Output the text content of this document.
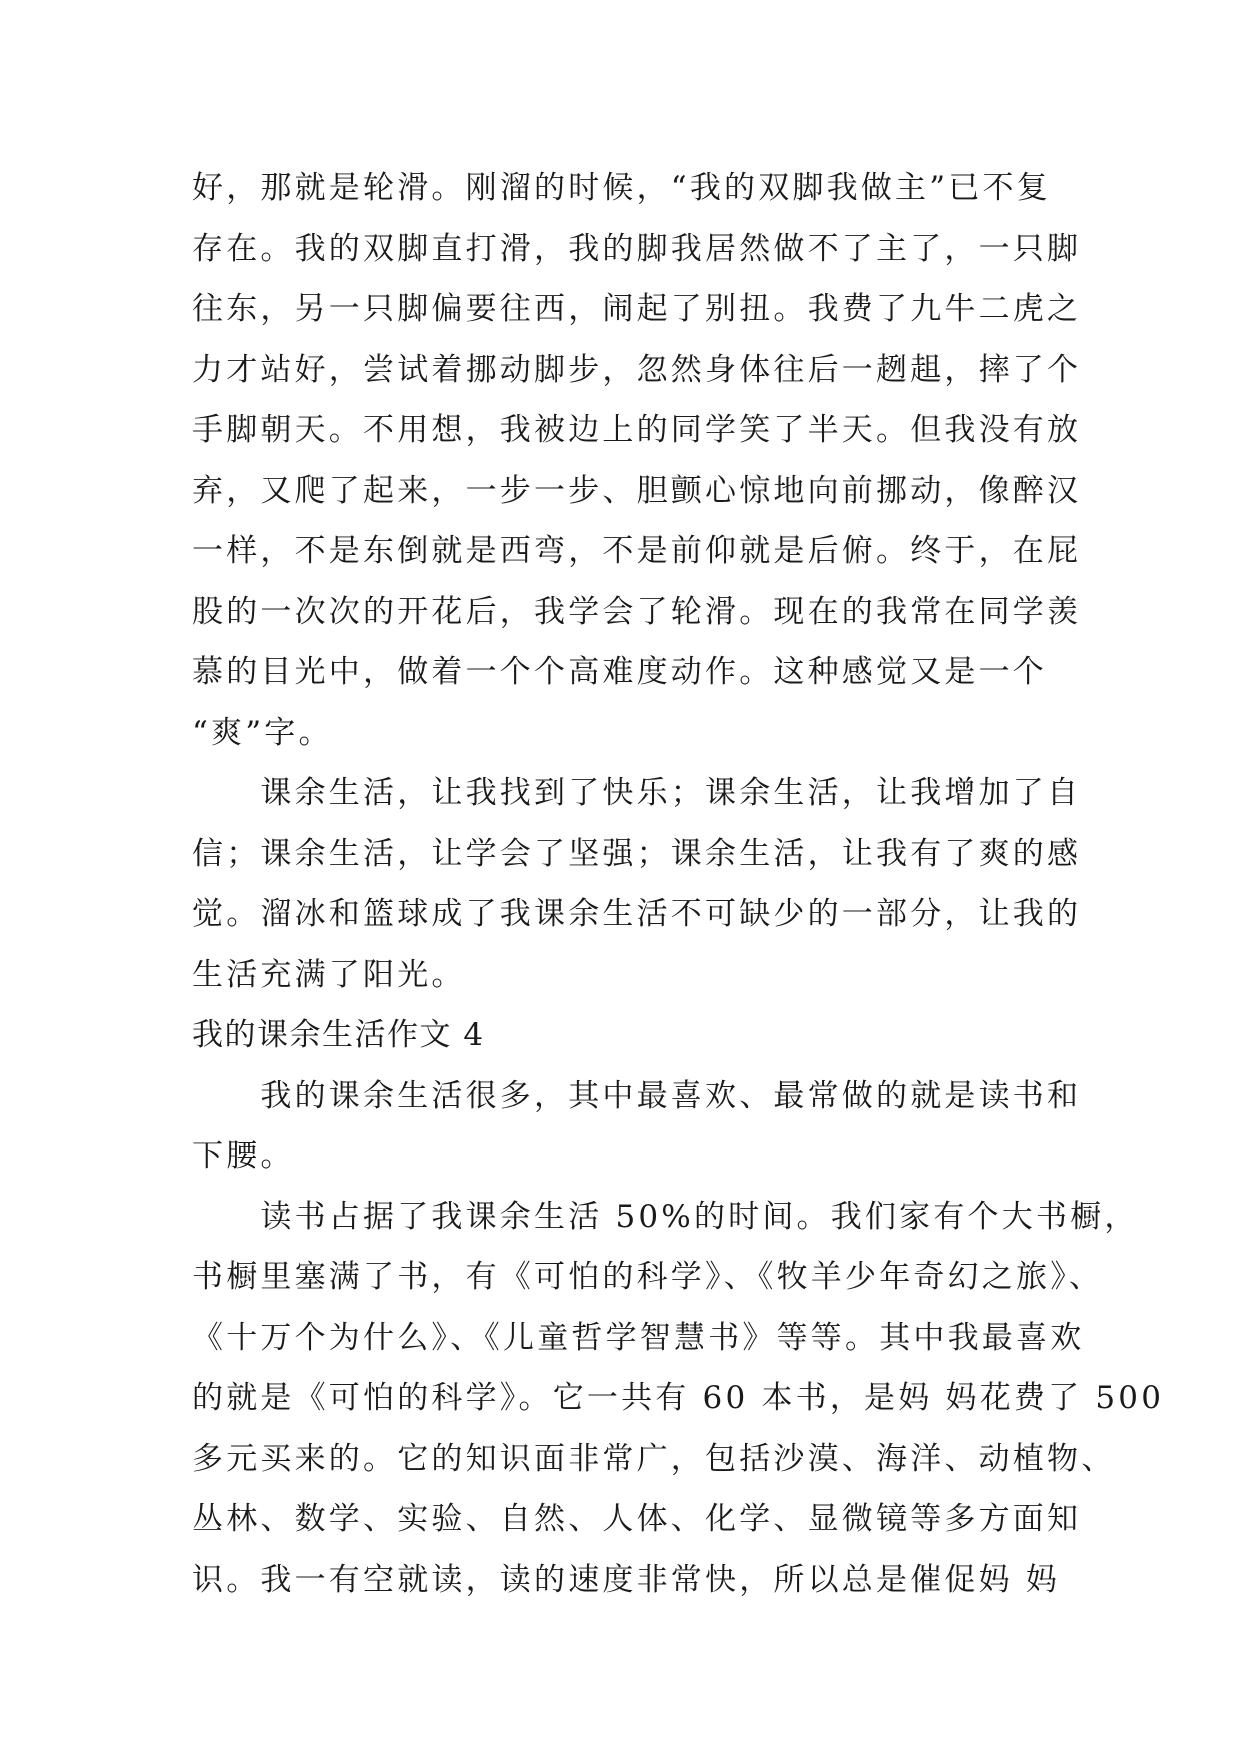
好，那就是轮滑。刚溜的时候，“我的双脚我做主”已不复
存在。我的双脚直打滑，我的脚我居然做不了主了，一只脚
往东，另一只脚偏要往西，闹起了别扭。我费了九牛二虎之
力才站好，尝试着挪动脚步，忽然身体往后一趔趄，摔了个
手脚朝天。不用想，我被边上的同学笑了半天。但我没有放
弃，又爬了起来，一步一步、胆颤心惊地向前挪动，像醉汉
一样，不是东倒就是西弯，不是前仰就是后俯。终于，在屁
股的一次次的开花后，我学会了轮滑。现在的我常在同学羡
慕的目光中，做着一个个高难度动作。这种感觉又是一个
“爽”字。
　　课余生活，让我找到了快乐；课余生活，让我增加了自
信；课余生活，让学会了坚强；课余生活，让我有了爽的感
觉。溜冰和篮球成了我课余生活不可缺少的一部分，让我的
生活充满了阳光。
我的课余生活作文 4
　　我的课余生活很多，其中最喜欢、最常做的就是读书和
下腰。
　　读书占据了我课余生活 50%的时间。我们家有个大书橱，
书橱里塞满了书，有《可怕的科学》、《牧羊少年奇幻之旅》、
《十万个为什么》、《儿童哲学智慧书》等等。其中我最喜欢
的就是《可怕的科学》。它一共有 60 本书，是妈 妈花费了 500
多元买来的。它的知识面非常广，包括沙漠、海洋、动植物、
丛林、数学、实验、自然、人体、化学、显微镜等多方面知
识。我一有空就读，读的速度非常快，所以总是催促妈 妈
